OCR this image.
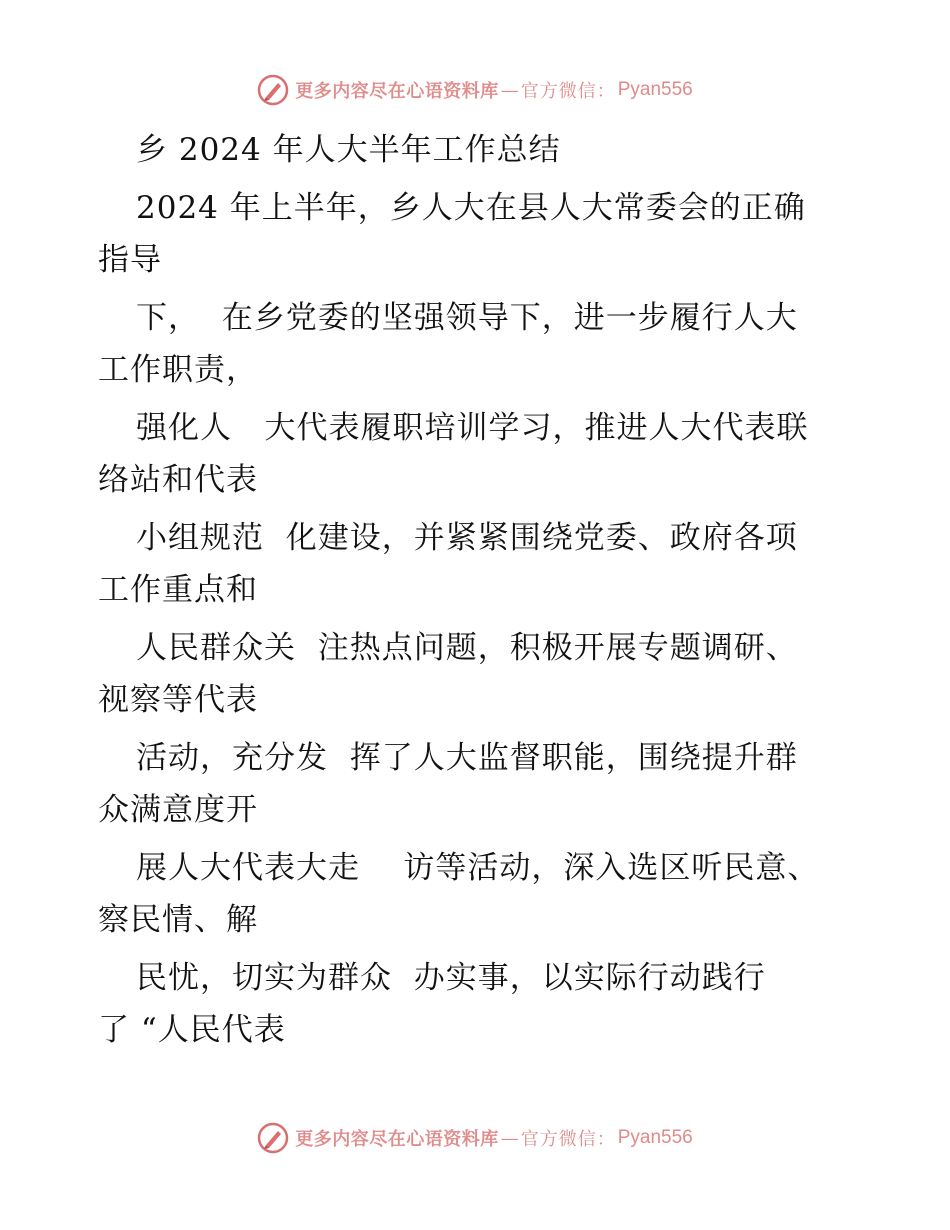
更多内容尽在心语资料库 — 官方微信： Pyan556
乡 2024 年人大半年工作总结
2024 年上半年，乡人大在县人大常委会的正确
指导
下，  在乡党委的坚强领导下，进一步履行人大
工作职责，
强化人   大代表履职培训学习，推进人大代表联
络站和代表
小组规范  化建设，并紧紧围绕党委、政府各项
工作重点和
人民群众关  注热点问题，积极开展专题调研、
视察等代表
活动，充分发  挥了人大监督职能，围绕提升群
众满意度开
展人大代表大走    访等活动，深入选区听民意、
察民情、解
民忧，切实为群众  办实事，以实际行动践行
了 “人民代表
更多内容尽在心语资料库 — 官方微信： Pyan556
